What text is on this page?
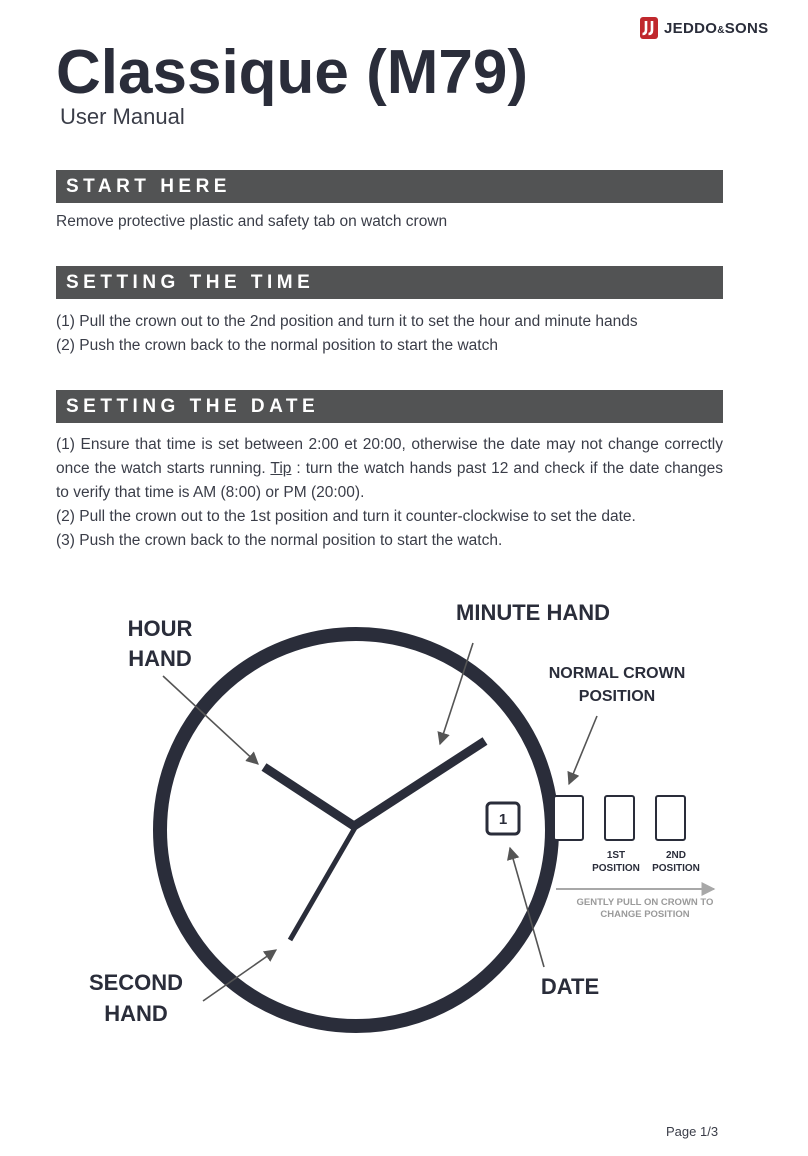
JEDDO&SONS
Classique (M79)
User Manual
START HERE
Remove protective plastic and safety tab on watch crown
SETTING THE TIME
(1) Pull the crown out to the 2nd position and turn it to set the hour and minute hands
(2) Push the crown back to the normal position to start the watch
SETTING THE DATE
(1) Ensure that time is set between 2:00 et 20:00, otherwise the date may not change correctly once the watch starts running. Tip : turn the watch hands past 12 and check if the date changes to verify that time is AM (8:00) or PM (20:00).
(2) Pull the crown out to the 1st position and turn it counter-clockwise to set the date.
(3) Push the crown back to the normal position to start the watch.
1
HOUR
HAND
MINUTE HAND
NORMAL CROWN
POSITION
1ST
POSITION
2ND
POSITION
GENTLY PULL ON CROWN TO
CHANGE POSITION
SECOND
HAND
DATE
Page 1/3
